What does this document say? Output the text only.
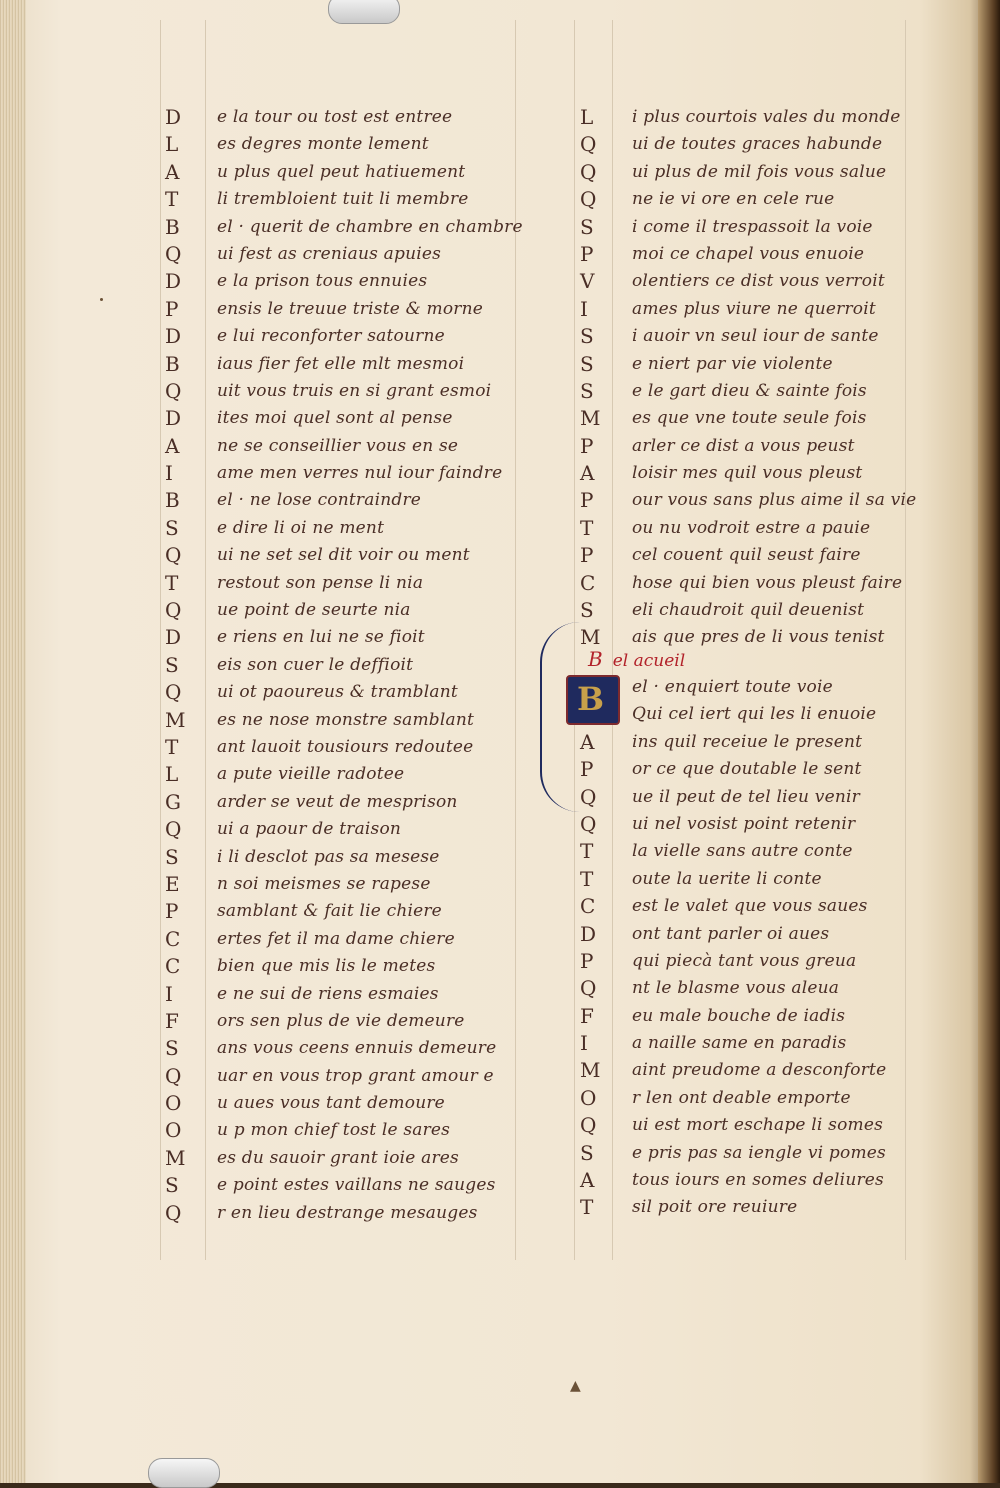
D	e la tour ou tost est entree
L	es degres monte lement
A	u plus quel peut hatiuement
T	li trembloient tuit li membre
B	el · querit de chambre en chambre
Q	ui fest as creniaus apuies
D	e la prison tous ennuies
P	ensis le treuue triste & morne
D	e lui reconforter satourne
B	iaus fier fet elle mlt mesmoi
Q	uit vous truis en si grant esmoi
D	ites moi quel sont al pense
A	ne se conseillier vous en se
I	ame men verres nul iour faindre
B	el · ne lose contraindre
S	e dire li oi ne ment
Q	ui ne set sel dit voir ou ment
T	restout son pense li nia
Q	ue point de seurte nia
D	e riens en lui ne se fioit
S	eis son cuer le deffioit
Q	ui ot paoureus & tramblant
M	es ne nose monstre samblant
T	ant lauoit tousiours redoutee
L	a pute vieille radotee
G	arder se veut de mesprison
Q	ui a paour de traison
S	i li desclot pas sa mesese
E	n soi meismes se rapese
P	samblant & fait lie chiere
C	ertes fet il ma dame chiere
C	bien que mis lis le metes
I	e ne sui de riens esmaies
F	ors sen plus de vie demeure
S	ans vous ceens ennuis demeure
Q	uar en vous trop grant amour e
O	u aues vous tant demoure
O	u p mon chief tost le sares
M	es du sauoir grant ioie ares
S	e point estes vaillans ne sauges
Q	r en lieu destrange mesauges
L	i plus courtois vales du monde
Q	ui de toutes graces habunde
Q	ui plus de mil fois vous salue
Q	ne ie vi ore en cele rue
S	i come il trespassoit la voie
P	moi ce chapel vous enuoie
V	olentiers ce dist vous verroit
I	ames plus viure ne querroit
S	i auoir vn seul iour de sante
S	e niert par vie violente
S	e le gart dieu & sainte fois
M	es que vne toute seule fois
P	arler ce dist a vous peust
A	loisir mes quil vous pleust
P	our vous sans plus aime il sa vie
T	ou nu vodroit estre a pauie
P	cel couent quil seust faire
C	hose qui bien vous pleust faire
S	eli chaudroit quil deuenist
M	ais que pres de li vous tenist
B el acueil
B el · enquiert toute voie
Qui cel iert qui les li enuoie
A	ins quil receiue le present
P	or ce que doutable le sent
Q	ue il peut de tel lieu venir
Q	ui nel vosist point retenir
T	la vielle sans autre conte
T	oute la uerite li conte
C	est le valet que vous saues
D	ont tant parler oi aues
P	qui piecà tant vous greua
Q	nt le blasme vous aleua
F	eu male bouche de iadis
I	a naille same en paradis
M	aint preudome a desconforte
O	r len ont deable emporte
Q	ui est mort eschape li somes
S	e pris pas sa iengle vi pomes
A	tous iours en somes deliures
T	sil poit ore reuiure
▲
